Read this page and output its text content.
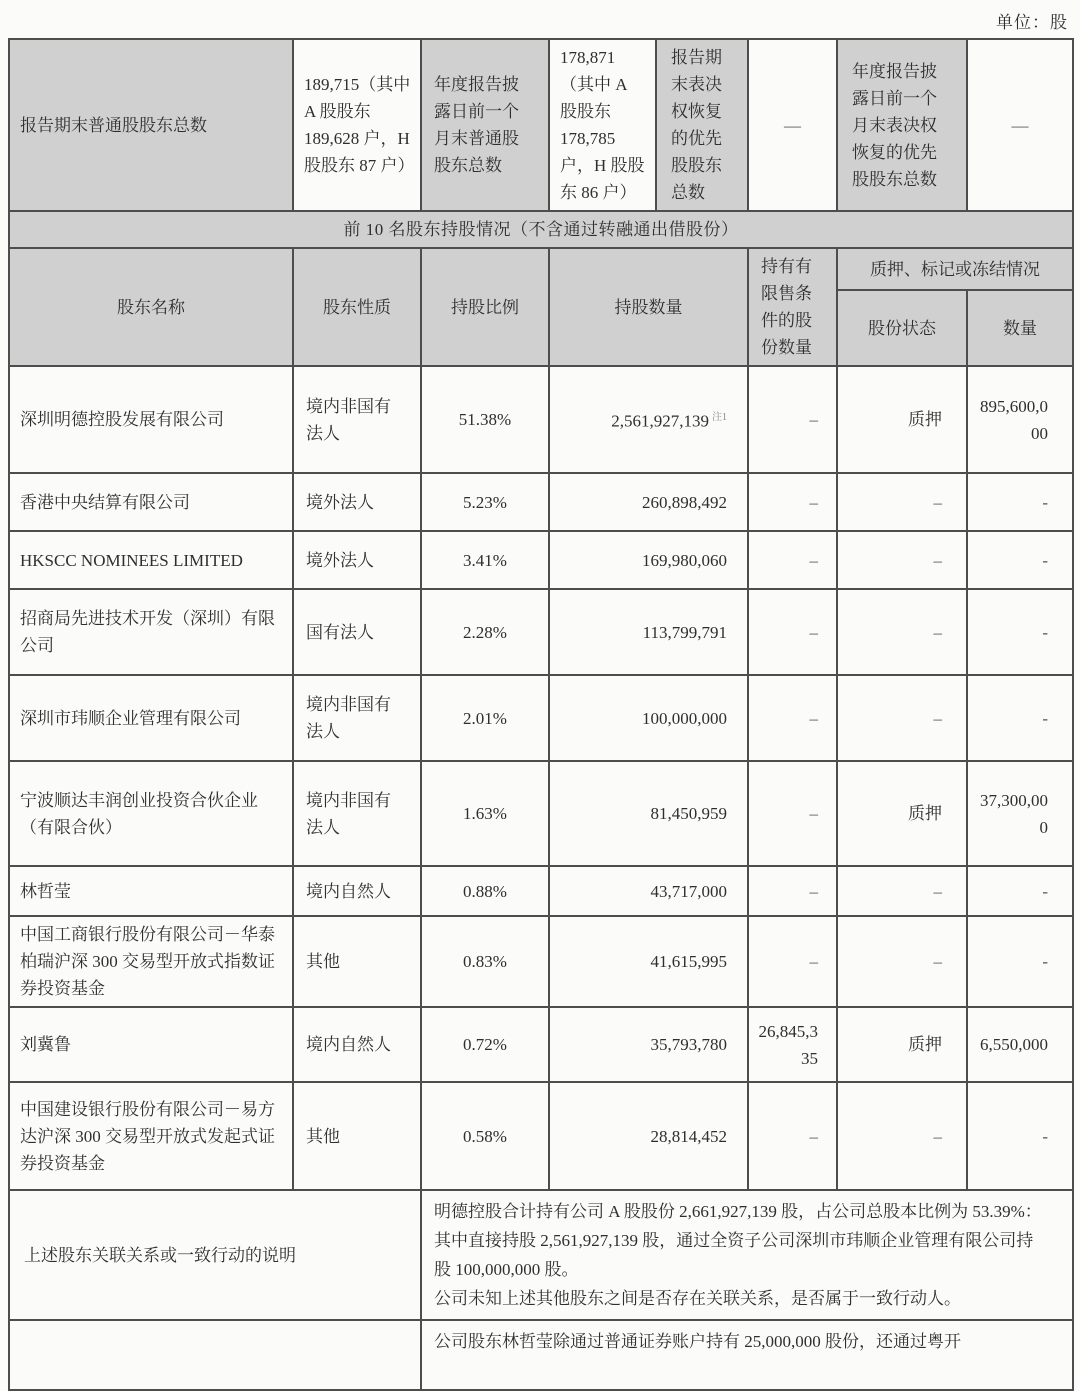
单位：股
报告期末普通股股东总数	189,715（其中 A 股股东 189,628 户，H 股股东 87 户）	年度报告披露日前一个月末普通股股东总数	178,871（其中 A 股股东 178,785 户，H 股股东 86 户）	报告期末表决权恢复的优先股股东总数	—	年度报告披露日前一个月末表决权恢复的优先股股东总数	—
前 10 名股东持股情况（不含通过转融通出借股份）							
股东名称	股东性质	持股比例	持股数量		持有有限售条件的股份数量	质押、标记或冻结情况	
						股份状态	数量
深圳明德控股发展有限公司	境内非国有法人	51.38%	2,561,927,139 $^{注1}$		–	质押	895,600,000
香港中央结算有限公司	境外法人	5.23%	260,898,492		–	–	-
HKSCC NOMINEES LIMITED	境外法人	3.41%	169,980,060		–	–	-
招商局先进技术开发（深圳）有限公司	国有法人	2.28%	113,799,791		–	–	-
深圳市玮顺企业管理有限公司	境内非国有法人	2.01%	100,000,000		–	–	-
宁波顺达丰润创业投资合伙企业（有限合伙）	境内非国有法人	1.63%	81,450,959		–	质押	37,300,000
林哲莹	境内自然人	0.88%	43,717,000		–	–	-
中国工商银行股份有限公司－华泰柏瑞沪深 300 交易型开放式指数证券投资基金	其他	0.83%	41,615,995		–	–	-
刘冀鲁	境内自然人	0.72%	35,793,780		26,845,335	质押	6,550,000
中国建设银行股份有限公司－易方达沪深 300 交易型开放式发起式证券投资基金	其他	0.58%	28,814,452		–	–	-
上述股东关联关系或一致行动的说明		明德控股合计持有公司 A 股股份 2,661,927,139 股，占公司总股本比例为 53.39%：其中直接持股 2,561,927,139 股，通过全资子公司深圳市玮顺企业管理有限公司持股 100,000,000 股。

公司未知上述其他股东之间是否存在关联关系，是否属于一致行动人。					

		公司股东林哲莹除通过普通证券账户持有 25,000,000 股份，还通过粤开					
